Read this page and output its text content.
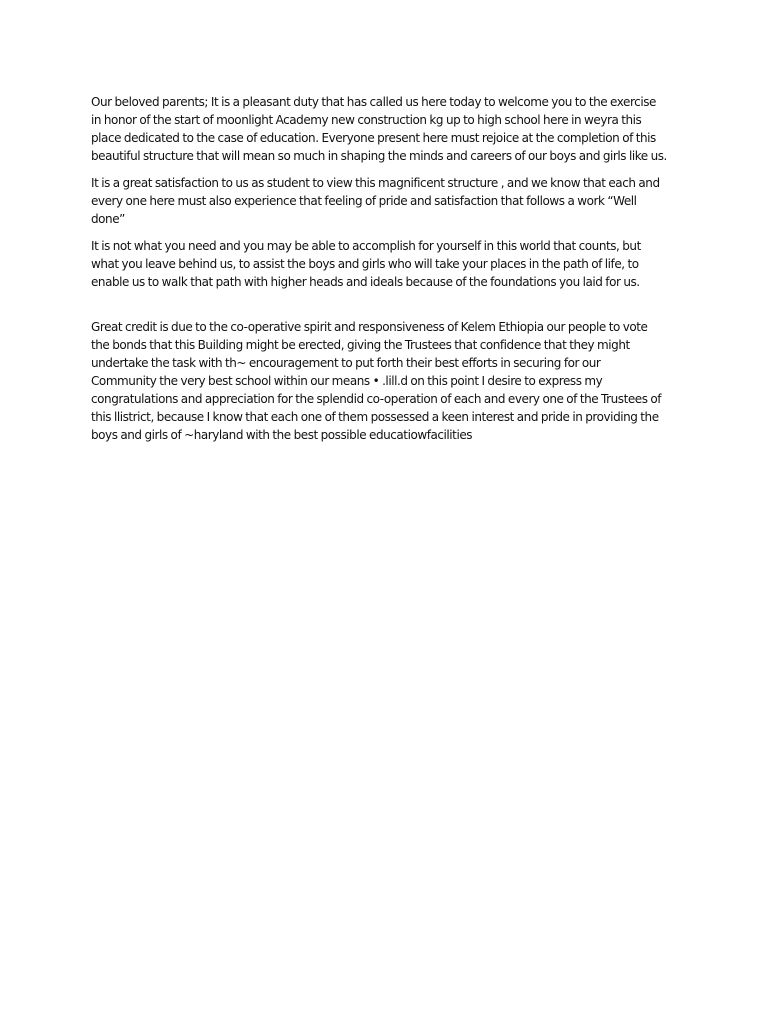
Our beloved parents; It is a pleasant duty that has called us here today to welcome you to the exercise
in honor of the start of moonlight Academy new construction kg up to high school here in weyra this
place dedicated to the case of education. Everyone present here must rejoice at the completion of this
beautiful structure that will mean so much in shaping the minds and careers of our boys and girls like us.

It is a great satisfaction to us as student to view this magnificent structure , and we know that each and
every one here must also experience that feeling of pride and satisfaction that follows a work “Well
done”

It is not what you need and you may be able to accomplish for yourself in this world that counts, but
what you leave behind us, to assist the boys and girls who will take your places in the path of life, to
enable us to walk that path with higher heads and ideals because of the foundations you laid for us.

Great credit is due to the co-operative spirit and responsiveness of Kelem Ethiopia our people to vote
the bonds that this Building might be erected, giving the Trustees that confidence that they might
undertake the task with th~ encouragement to put forth their best efforts in securing for our
Community the very best school within our means • .lill.d on this point I desire to express my
congratulations and appreciation for the splendid co-operation of each and every one of the Trustees of
this llistrict, because I know that each one of them possessed a keen interest and pride in providing the
boys and girls of ~haryland with the best possible educatiowfacilities
